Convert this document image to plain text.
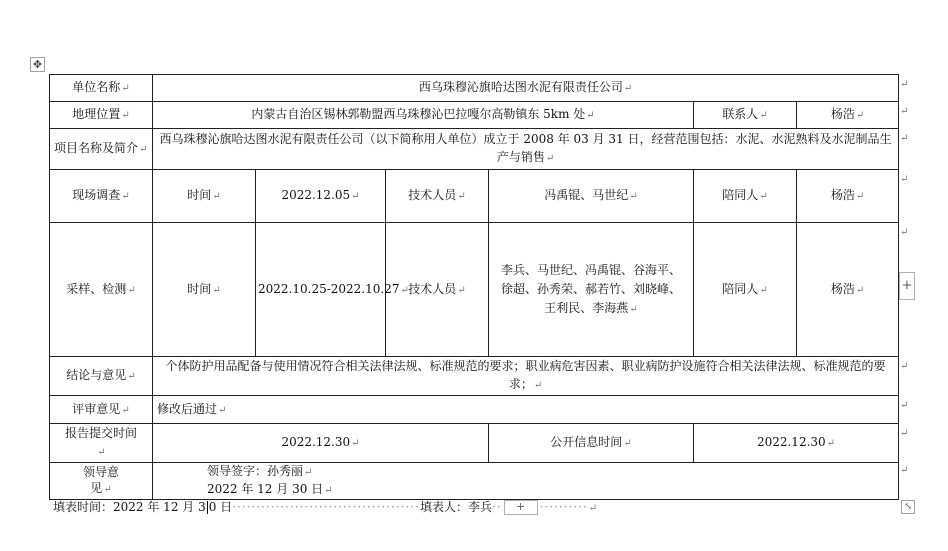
✥
单位名称↵	西乌珠穆沁旗哈达图水泥有限责任公司↵					
地理位置↵	内蒙古自治区锡林郭勒盟西乌珠穆沁巴拉嘎尔高勒镇东 5km 处↵				联系人↵	杨浩↵
项目名称及简介↵	西乌珠穆沁旗哈达图水泥有限责任公司（以下简称用人单位）成立于 2008 年 03 月 31 日，经营范围包括：水泥、水泥熟料及水泥制品生产与销售↵					
现场调查↵	时间↵	2022.12.05↵	技术人员↵	冯禹锟、马世纪↵	陪同人↵	杨浩↵
采样、检测↵	时间↵	2022.10.25-2022.10.27↵	技术人员↵	李兵、马世纪、冯禹锟、谷海平、徐超、孙秀荣、郝若竹、刘晓峰、王利民、李海燕↵	陪同人↵	杨浩↵
结论与意见↵	个体防护用品配备与使用情况符合相关法律法规、标准规范的要求；职业病危害因素、职业病防护设施符合相关法律法规、标准规范的要求；↵					
评审意见↵	修改后通过↵					
报告提交时间↵	2022.12.30↵			公开信息时间↵	2022.12.30↵	
领导意见↵	领导签字：孙秀丽↵
2022 年 12 月 30 日↵					
↵
↵
↵
↵
↵
↵
↵
↵
↵
+
⤡
填表时间：2022 年 12 月 3 0 日·······································填表人：李兵·· + ··········↵
